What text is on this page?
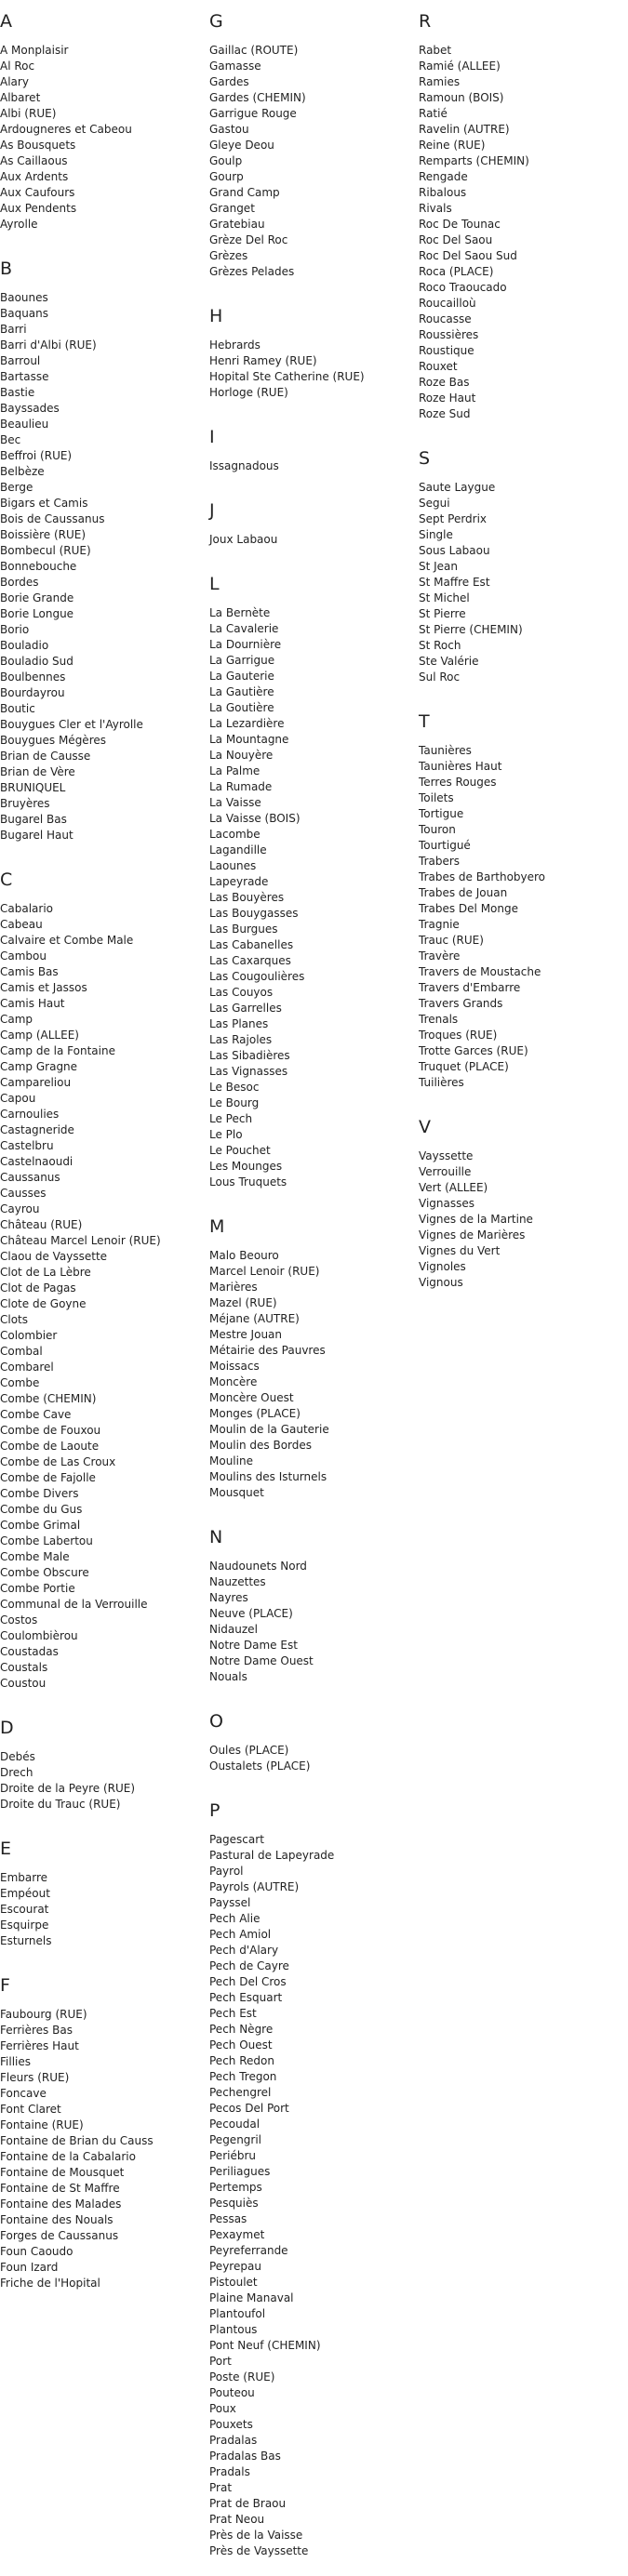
A
A Monplaisir
Al Roc
Alary
Albaret
Albi (RUE)
Ardougneres et Cabeou
As Bousquets
As Caillaous
Aux Ardents
Aux Caufours
Aux Pendents
Ayrolle
B
Baounes
Baquans
Barri
Barri d'Albi (RUE)
Barroul
Bartasse
Bastie
Bayssades
Beaulieu
Bec
Beffroi (RUE)
Belbèze
Berge
Bigars et Camis
Bois de Caussanus
Boissière (RUE)
Bombecul (RUE)
Bonnebouche
Bordes
Borie Grande
Borie Longue
Borio
Bouladio
Bouladio Sud
Boulbennes
Bourdayrou
Boutic
Bouygues Cler et l'Ayrolle
Bouygues Mégères
Brian de Causse
Brian de Vère
BRUNIQUEL
Bruyères
Bugarel Bas
Bugarel Haut
C
Cabalario
Cabeau
Calvaire et Combe Male
Cambou
Camis Bas
Camis et Jassos
Camis Haut
Camp
Camp (ALLEE)
Camp de la Fontaine
Camp Gragne
Campareliou
Capou
Carnoulies
Castagneride
Castelbru
Castelnaoudi
Caussanus
Causses
Cayrou
Château (RUE)
Château Marcel Lenoir (RUE)
Claou de Vayssette
Clot de La Lèbre
Clot de Pagas
Clote de Goyne
Clots
Colombier
Combal
Combarel
Combe
Combe (CHEMIN)
Combe Cave
Combe de Fouxou
Combe de Laoute
Combe de Las Croux
Combe de Fajolle
Combe Divers
Combe du Gus
Combe Grimal
Combe Labertou
Combe Male
Combe Obscure
Combe Portie
Communal de la Verrouille
Costos
Coulombièrou
Coustadas
Coustals
Coustou
D
Debés
Drech
Droite de la Peyre (RUE)
Droite du Trauc (RUE)
E
Embarre
Empéout
Escourat
Esquirpe
Esturnels
F
Faubourg (RUE)
Ferrières Bas
Ferrières Haut
Fillies
Fleurs (RUE)
Foncave
Font Claret
Fontaine (RUE)
Fontaine de Brian du Causs
Fontaine de la Cabalario
Fontaine de Mousquet
Fontaine de St Maffre
Fontaine des Malades
Fontaine des Nouals
Forges de Caussanus
Foun Caoudo
Foun Izard
Friche de l'Hopital
G
Gaillac (ROUTE)
Gamasse
Gardes
Gardes (CHEMIN)
Garrigue Rouge
Gastou
Gleye Deou
Goulp
Gourp
Grand Camp
Granget
Gratebiau
Grèze Del Roc
Grèzes
Grèzes Pelades
H
Hebrards
Henri Ramey (RUE)
Hopital Ste Catherine (RUE)
Horloge (RUE)
I
Issagnadous
J
Joux Labaou
L
La Bernète
La Cavalerie
La Dournière
La Garrigue
La Gauterie
La Gautière
La Goutière
La Lezardière
La Mountagne
La Nouyère
La Palme
La Rumade
La Vaisse
La Vaisse (BOIS)
Lacombe
Lagandille
Laounes
Lapeyrade
Las Bouyères
Las Bouygasses
Las Burgues
Las Cabanelles
Las Caxarques
Las Cougoulières
Las Couyos
Las Garrelles
Las Planes
Las Rajoles
Las Sibadières
Las Vignasses
Le Besoc
Le Bourg
Le Pech
Le Plo
Le Pouchet
Les Mounges
Lous Truquets
M
Malo Beouro
Marcel Lenoir (RUE)
Marières
Mazel (RUE)
Méjane (AUTRE)
Mestre Jouan
Métairie des Pauvres
Moissacs
Moncère
Moncère Ouest
Monges (PLACE)
Moulin de la Gauterie
Moulin des Bordes
Mouline
Moulins des Isturnels
Mousquet
N
Naudounets Nord
Nauzettes
Nayres
Neuve (PLACE)
Nidauzel
Notre Dame Est
Notre Dame Ouest
Nouals
O
Oules (PLACE)
Oustalets (PLACE)
P
Pagescart
Pastural de Lapeyrade
Payrol
Payrols (AUTRE)
Payssel
Pech Alie
Pech Amiol
Pech d'Alary
Pech de Cayre
Pech Del Cros
Pech Esquart
Pech Est
Pech Nègre
Pech Ouest
Pech Redon
Pech Tregon
Pechengrel
Pecos Del Port
Pecoudal
Pegengril
Periébru
Periliagues
Pertemps
Pesquiès
Pessas
Pexaymet
Peyreferrande
Peyrepau
Pistoulet
Plaine Manaval
Plantoufol
Plantous
Pont Neuf (CHEMIN)
Port
Poste (RUE)
Pouteou
Poux
Pouxets
Pradalas
Pradalas Bas
Pradals
Prat
Prat de Braou
Prat Neou
Près de la Vaisse
Près de Vayssette
R
Rabet
Ramié (ALLEE)
Ramies
Ramoun (BOIS)
Ratié
Ravelin (AUTRE)
Reine (RUE)
Remparts (CHEMIN)
Rengade
Ribalous
Rivals
Roc De Tounac
Roc Del Saou
Roc Del Saou Sud
Roca (PLACE)
Roco Traoucado
Roucailloù
Roucasse
Roussières
Roustique
Rouxet
Roze Bas
Roze Haut
Roze Sud
S
Saute Laygue
Segui
Sept Perdrix
Single
Sous Labaou
St Jean
St Maffre Est
St Michel
St Pierre
St Pierre (CHEMIN)
St Roch
Ste Valérie
Sul Roc
T
Taunières
Taunières Haut
Terres Rouges
Toilets
Tortigue
Touron
Tourtigué
Trabers
Trabes de Barthobyero
Trabes de Jouan
Trabes Del Monge
Tragnie
Trauc (RUE)
Travère
Travers de Moustache
Travers d'Embarre
Travers Grands
Trenals
Troques (RUE)
Trotte Garces (RUE)
Truquet (PLACE)
Tuilières
V
Vayssette
Verrouille
Vert (ALLEE)
Vignasses
Vignes de la Martine
Vignes de Marières
Vignes du Vert
Vignoles
Vignous
